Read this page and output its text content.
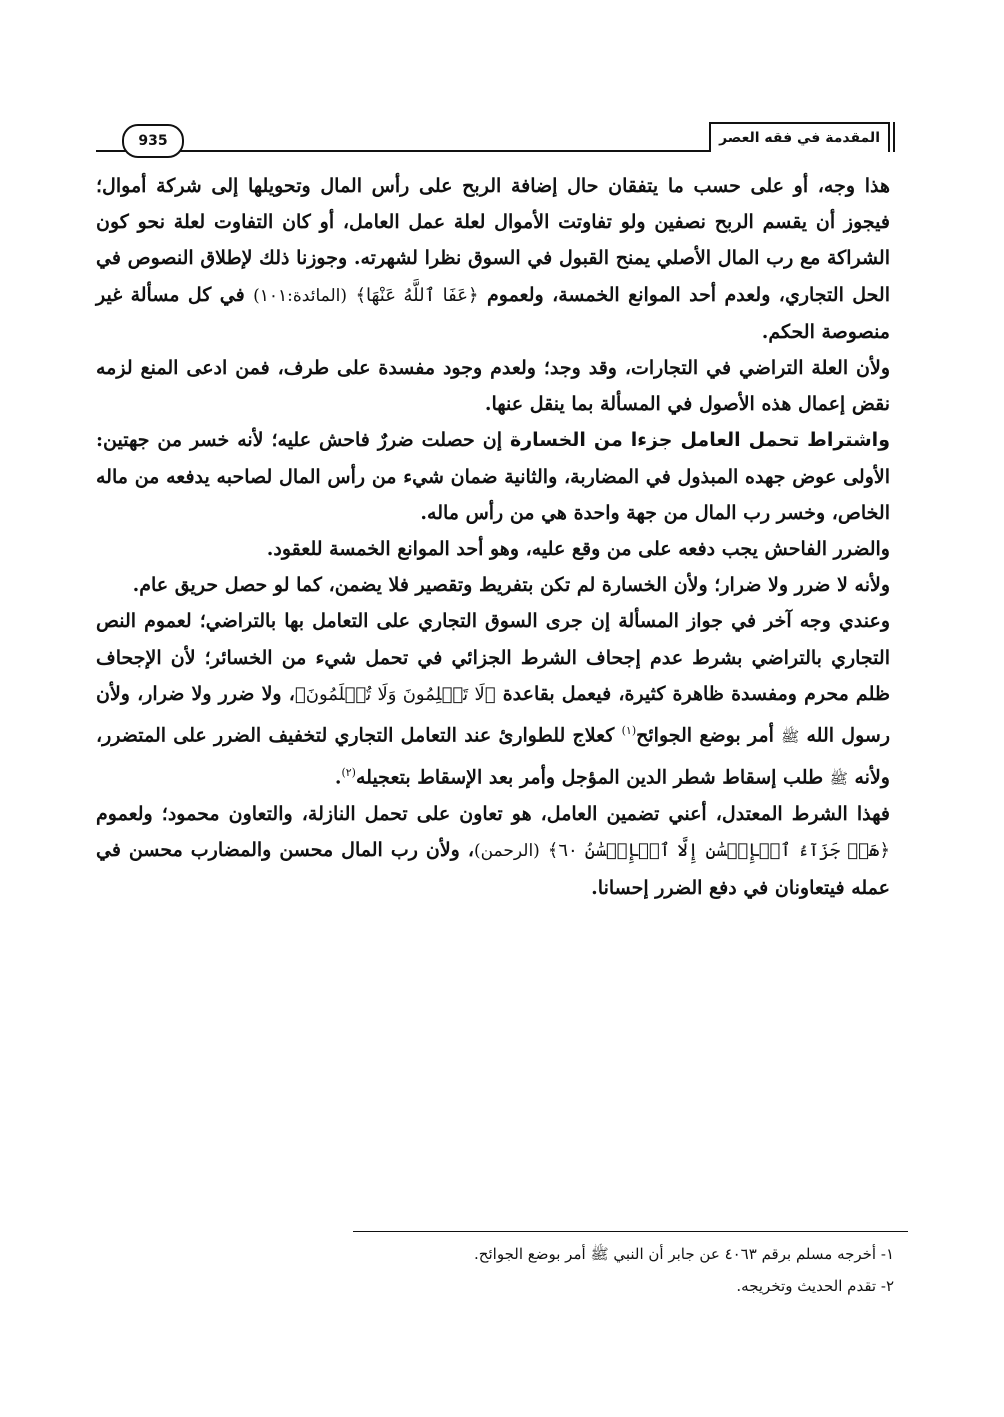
المقدمة في فقه العصر
935

هذا وجه، أو على حسب ما يتفقان حال إضافة الربح على رأس المال وتحويلها إلى شركة أموال؛ فيجوز أن يقسم الربح نصفين ولو تفاوتت الأموال لعلة عمل العامل، أو كان التفاوت لعلة نحو كون الشراكة مع رب المال الأصلي يمنح القبول في السوق نظرا لشهرته. وجوزنا ذلك لإطلاق النصوص في الحل التجاري، ولعدم أحد الموانع الخمسة، ولعموم ﴿عَفَا ٱللَّهُ عَنْهَا﴾ (المائدة:١٠١) في كل مسألة غير منصوصة الحكم.

ولأن العلة التراضي في التجارات، وقد وجد؛ ولعدم وجود مفسدة على طرف، فمن ادعى المنع لزمه نقض إعمال هذه الأصول في المسألة بما ينقل عنها.

واشتراط تحمل العامل جزءا من الخسارة إن حصلت ضررٌ فاحش عليه؛ لأنه خسر من جهتين: الأولى عوض جهده المبذول في المضاربة، والثانية ضمان شيء من رأس المال لصاحبه يدفعه من ماله الخاص، وخسر رب المال من جهة واحدة هي من رأس ماله.

والضرر الفاحش يجب دفعه على من وقع عليه، وهو أحد الموانع الخمسة للعقود.

ولأنه لا ضرر ولا ضرار؛ ولأن الخسارة لم تكن بتفريط وتقصير فلا يضمن، كما لو حصل حريق عام.

وعندي وجه آخر في جواز المسألة إن جرى السوق التجاري على التعامل بها بالتراضي؛ لعموم النص التجاري بالتراضي بشرط عدم إجحاف الشرط الجزائي في تحمل شيء من الخسائر؛ لأن الإجحاف ظلم محرم ومفسدة ظاهرة كثيرة، فيعمل بقاعدة ﴿لَا تَظۡلِمُونَ وَلَا تُظۡلَمُونَ﴾، ولا ضرر ولا ضرار، ولأن رسول الله ﷺ أمر بوضع الجوائح$^{(١)}$ كعلاج للطوارئ عند التعامل التجاري لتخفيف الضرر على المتضرر، ولأنه ﷺ طلب إسقاط شطر الدين المؤجل وأمر بعد الإسقاط بتعجيله$^{(٢)}$.

فهذا الشرط المعتدل، أعني تضمين العامل، هو تعاون على تحمل النازلة، والتعاون محمود؛ ولعموم ﴿هَلۡ جَزَآءُ ٱلۡإِحۡسَٰنِ إِلَّا ٱلۡإِحۡسَٰنُ ٦٠﴾ (الرحمن)، ولأن رب المال محسن والمضارب محسن في عمله فيتعاونان في دفع الضرر إحسانا.

١- أخرجه مسلم برقم ٤٠٦٣ عن جابر أن النبي ﷺ أمر بوضع الجوائح.

٢- تقدم الحديث وتخريجه.
